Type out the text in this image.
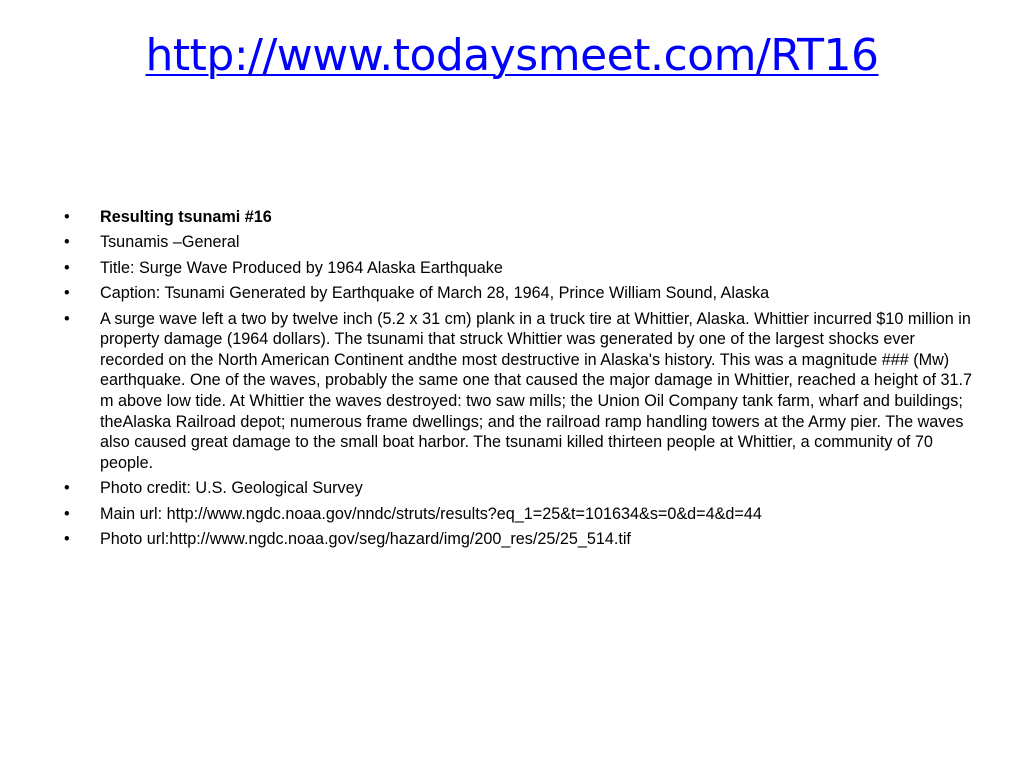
http://www.todaysmeet.com/RT16
•	Resulting tsunami #16
•	Tsunamis –General
•	Title: Surge Wave Produced by 1964 Alaska Earthquake
•	Caption: Tsunami Generated by Earthquake of March 28, 1964, Prince William Sound, Alaska
•	A surge wave left a two by twelve inch (5.2 x 31 cm) plank in a truck tire at Whittier, Alaska. Whittier incurred $10 million in property damage (1964 dollars). The tsunami that struck Whittier was generated by one of the largest shocks ever recorded on the North American Continent andthe most destructive in Alaska's history. This was a magnitude ### (Mw) earthquake. One of the waves, probably the same one that caused the major damage in Whittier, reached a height of 31.7 m above low tide. At Whittier the waves destroyed: two saw mills; the Union Oil Company tank farm, wharf and buildings; theAlaska Railroad depot; numerous frame dwellings; and the railroad ramp handling towers at the Army pier. The waves also caused great damage to the small boat harbor. The tsunami killed thirteen people at Whittier, a community of 70 people.
•	Photo credit: U.S. Geological Survey
•	Main url: http://www.ngdc.noaa.gov/nndc/struts/results?eq_1=25&t=101634&s=0&d=4&d=44
•	Photo url:http://www.ngdc.noaa.gov/seg/hazard/img/200_res/25/25_514.tif
